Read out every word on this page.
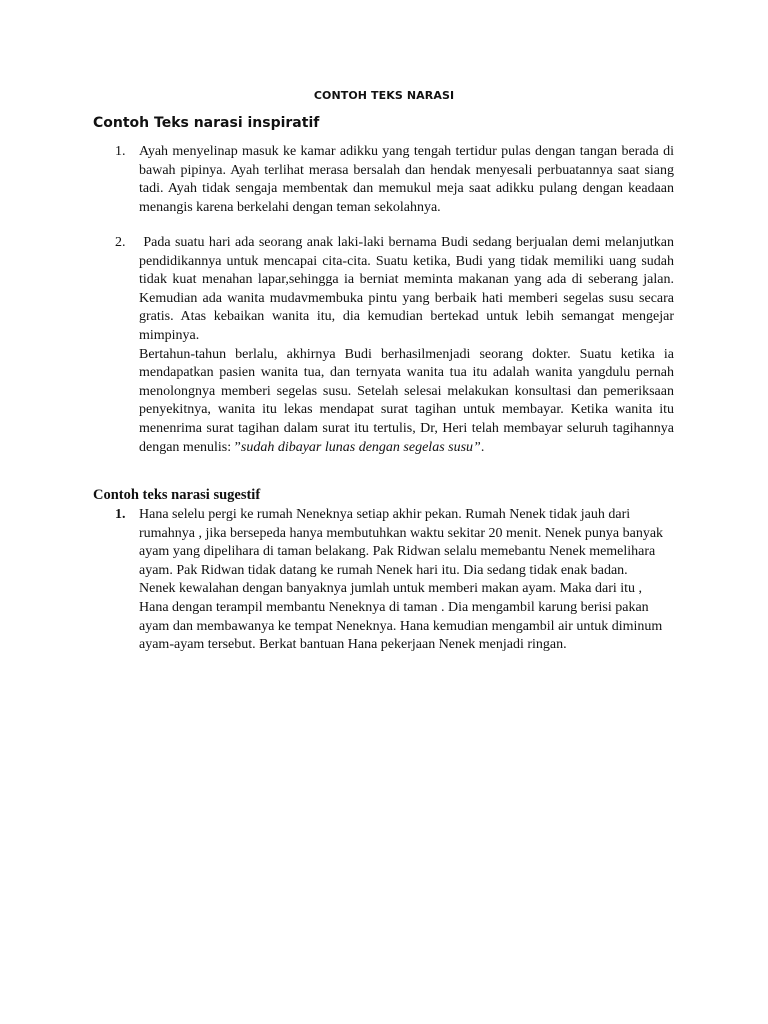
CONTOH TEKS NARASI
Contoh Teks narasi inspiratif
1. Ayah menyelinap masuk ke kamar adikku yang tengah tertidur pulas dengan tangan berada di bawah pipinya. Ayah terlihat merasa bersalah dan hendak menyesali perbuatannya saat siang tadi. Ayah tidak sengaja membentak dan memukul meja saat adikku pulang dengan keadaan menangis karena berkelahi dengan teman sekolahnya.

2. Pada suatu hari ada seorang anak laki-laki bernama Budi sedang berjualan demi melanjutkan pendidikannya untuk mencapai cita-cita. Suatu ketika, Budi yang tidak memiliki uang sudah tidak kuat menahan lapar,sehingga ia berniat meminta makanan yang ada di seberang jalan. Kemudian ada wanita mudavmembuka pintu yang berbaik hati memberi segelas susu secara gratis. Atas kebaikan wanita itu, dia kemudian bertekad untuk lebih semangat mengejar mimpinya.

Bertahun-tahun berlalu, akhirnya Budi berhasilmenjadi seorang dokter. Suatu ketika ia mendapatkan pasien wanita tua, dan ternyata wanita tua itu adalah wanita yangdulu pernah menolongnya memberi segelas susu. Setelah selesai melakukan konsultasi dan pemeriksaan penyekitnya, wanita itu lekas mendapat surat tagihan untuk membayar. Ketika wanita itu menenrima surat tagihan dalam surat itu tertulis, Dr, Heri telah membayar seluruh tagihannya dengan menulis: ”sudah dibayar lunas dengan segelas susu”.

Contoh teks narasi sugestif
1. Hana selelu pergi ke rumah Neneknya setiap akhir pekan. Rumah Nenek tidak jauh dari rumahnya , jika bersepeda hanya membutuhkan waktu sekitar 20 menit. Nenek punya banyak ayam yang dipelihara di taman belakang. Pak Ridwan selalu memebantu Nenek memelihara ayam. Pak Ridwan tidak datang ke rumah Nenek hari itu. Dia sedang tidak enak badan. Nenek kewalahan dengan banyaknya jumlah untuk memberi makan ayam. Maka dari itu , Hana dengan terampil membantu Neneknya di taman . Dia mengambil karung berisi pakan ayam dan membawanya ke tempat Neneknya. Hana kemudian mengambil air untuk diminum ayam-ayam tersebut. Berkat bantuan Hana pekerjaan Nenek menjadi ringan.
